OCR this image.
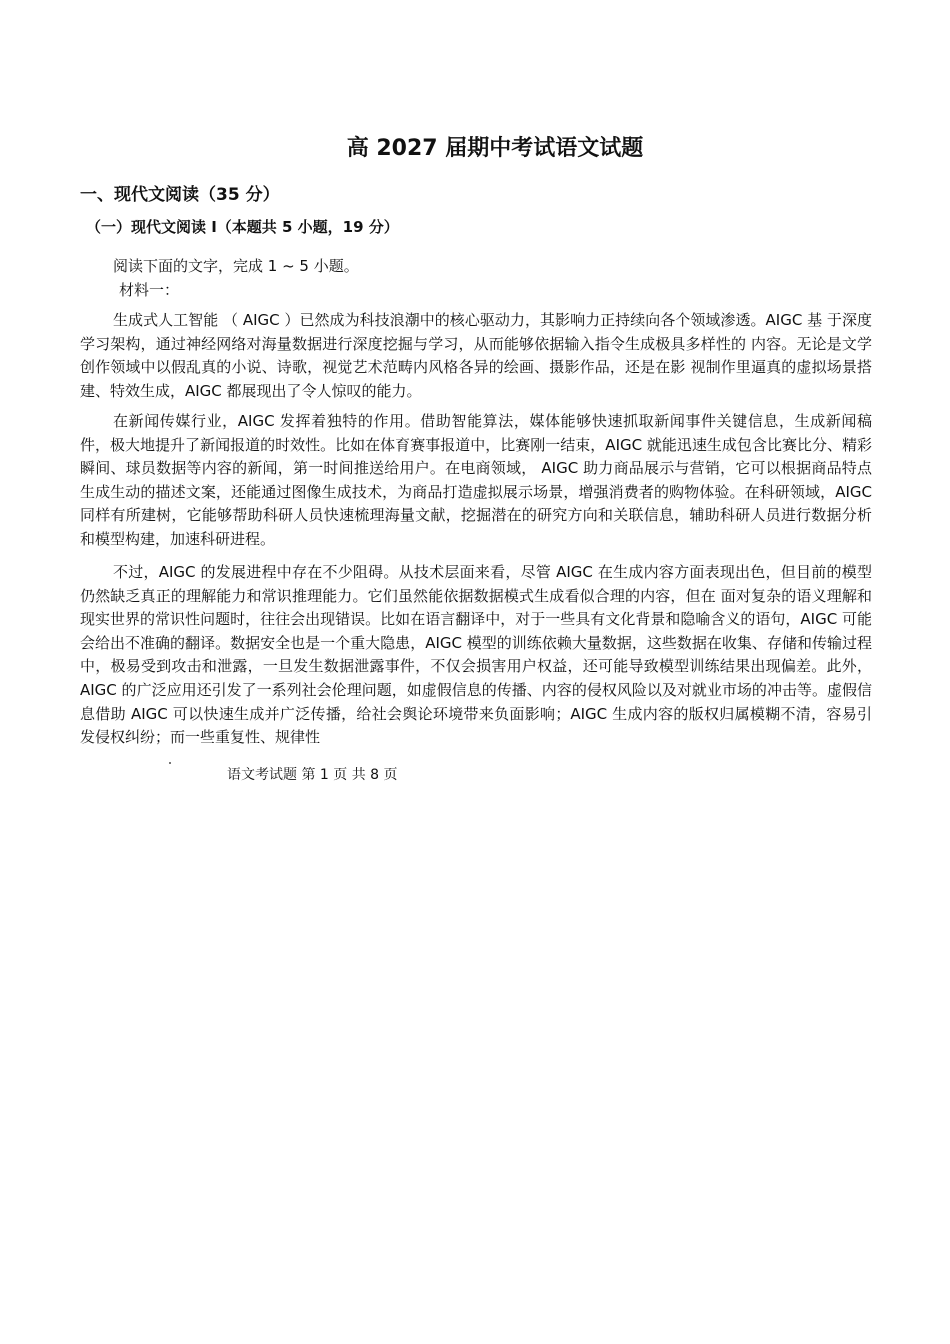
高 2027 届期中考试语文试题
一、现代文阅读（35 分）
（一）现代文阅读 I（本题共 5 小题，19 分）

阅读下面的文字，完成 1 ~ 5 小题。

材料一：

生成式人工智能 （ AIGC ）已然成为科技浪潮中的核心驱动力，其影响力正持续向各个领域渗透。AIGC 基 于深度学习架构，通过神经网络对海量数据进行深度挖掘与学习，从而能够依据输入指令生成极具多样性的 内容。无论是文学创作领域中以假乱真的小说、诗歌，视觉艺术范畴内风格各异的绘画、摄影作品，还是在影 视制作里逼真的虚拟场景搭建、特效生成，AIGC 都展现出了令人惊叹的能力。

在新闻传媒行业，AIGC 发挥着独特的作用。借助智能算法，媒体能够快速抓取新闻事件关键信息，生成新闻稿件，极大地提升了新闻报道的时效性。比如在体育赛事报道中，比赛刚一结束，AIGC 就能迅速生成包含比赛比分、精彩瞬间、球员数据等内容的新闻，第一时间推送给用户。在电商领域， AIGC 助力商品展示与营销，它可以根据商品特点生成生动的描述文案，还能通过图像生成技术，为商品打造虚拟展示场景，增强消费者的购物体验。在科研领域，AIGC 同样有所建树，它能够帮助科研人员快速梳理海量文献，挖掘潜在的研究方向和关联信息，辅助科研人员进行数据分析和模型构建，加速科研进程。

不过，AIGC 的发展进程中存在不少阻碍。从技术层面来看，尽管 AIGC 在生成内容方面表现出色，但目前的模型仍然缺乏真正的理解能力和常识推理能力。它们虽然能依据数据模式生成看似合理的内容，但在 面对复杂的语义理解和现实世界的常识性问题时，往往会出现错误。比如在语言翻译中，对于一些具有文化背景和隐喻含义的语句，AIGC 可能会给出不准确的翻译。数据安全也是一个重大隐患，AIGC 模型的训练依赖大量数据，这些数据在收集、存储和传输过程中，极易受到攻击和泄露，一旦发生数据泄露事件，不仅会损害用户权益，还可能导致模型训练结果出现偏差。此外， AIGC 的广泛应用还引发了一系列社会伦理问题，如虚假信息的传播、内容的侵权风险以及对就业市场的冲击等。虚假信息借助 AIGC 可以快速生成并广泛传播，给社会舆论环境带来负面影响；AIGC 生成内容的版权归属模糊不清，容易引发侵权纠纷；而一些重复性、规律性

语文考试题 第 1 页 共 8 页
